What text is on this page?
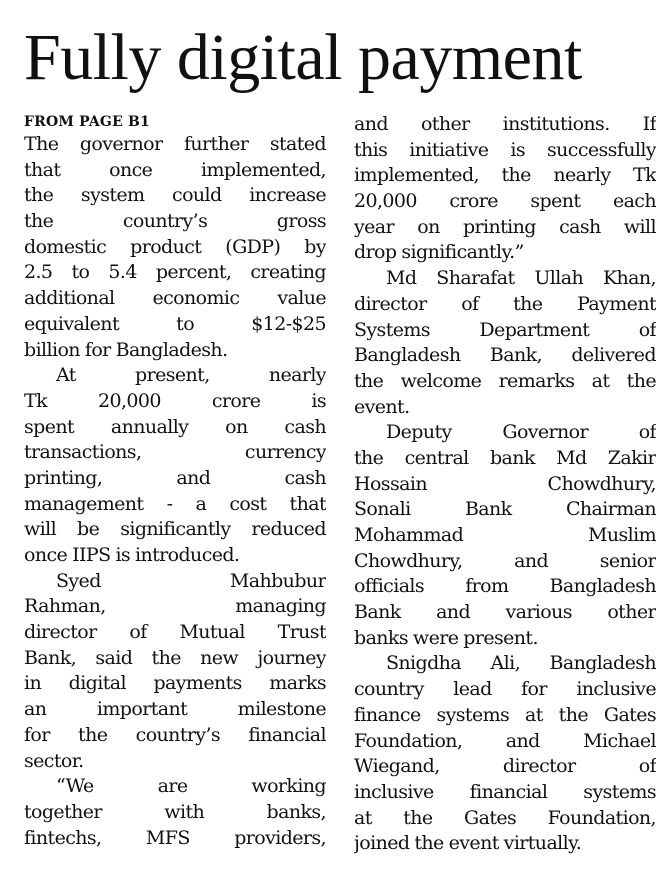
Fully digital payment
FROM PAGE B1
The governor further stated
that once implemented,
the system could increase
the country’s gross
domestic product (GDP) by
2.5 to 5.4 percent, creating
additional economic value
equivalent to $12-$25
billion for Bangladesh.
At present, nearly
Tk 20,000 crore is
spent annually on cash
transactions, currency
printing, and cash
management - a cost that
will be significantly reduced
once IIPS is introduced.
Syed Mahbubur
Rahman, managing
director of Mutual Trust
Bank, said the new journey
in digital payments marks
an important milestone
for the country’s financial
sector.
“We are working
together with banks,
fintechs, MFS providers,
and other institutions. If
this initiative is successfully
implemented, the nearly Tk
20,000 crore spent each
year on printing cash will
drop significantly.”
Md Sharafat Ullah Khan,
director of the Payment
Systems Department of
Bangladesh Bank, delivered
the welcome remarks at the
event.
Deputy Governor of
the central bank Md Zakir
Hossain Chowdhury,
Sonali Bank Chairman
Mohammad Muslim
Chowdhury, and senior
officials from Bangladesh
Bank and various other
banks were present.
Snigdha Ali, Bangladesh
country lead for inclusive
finance systems at the Gates
Foundation, and Michael
Wiegand, director of
inclusive financial systems
at the Gates Foundation,
joined the event virtually.
